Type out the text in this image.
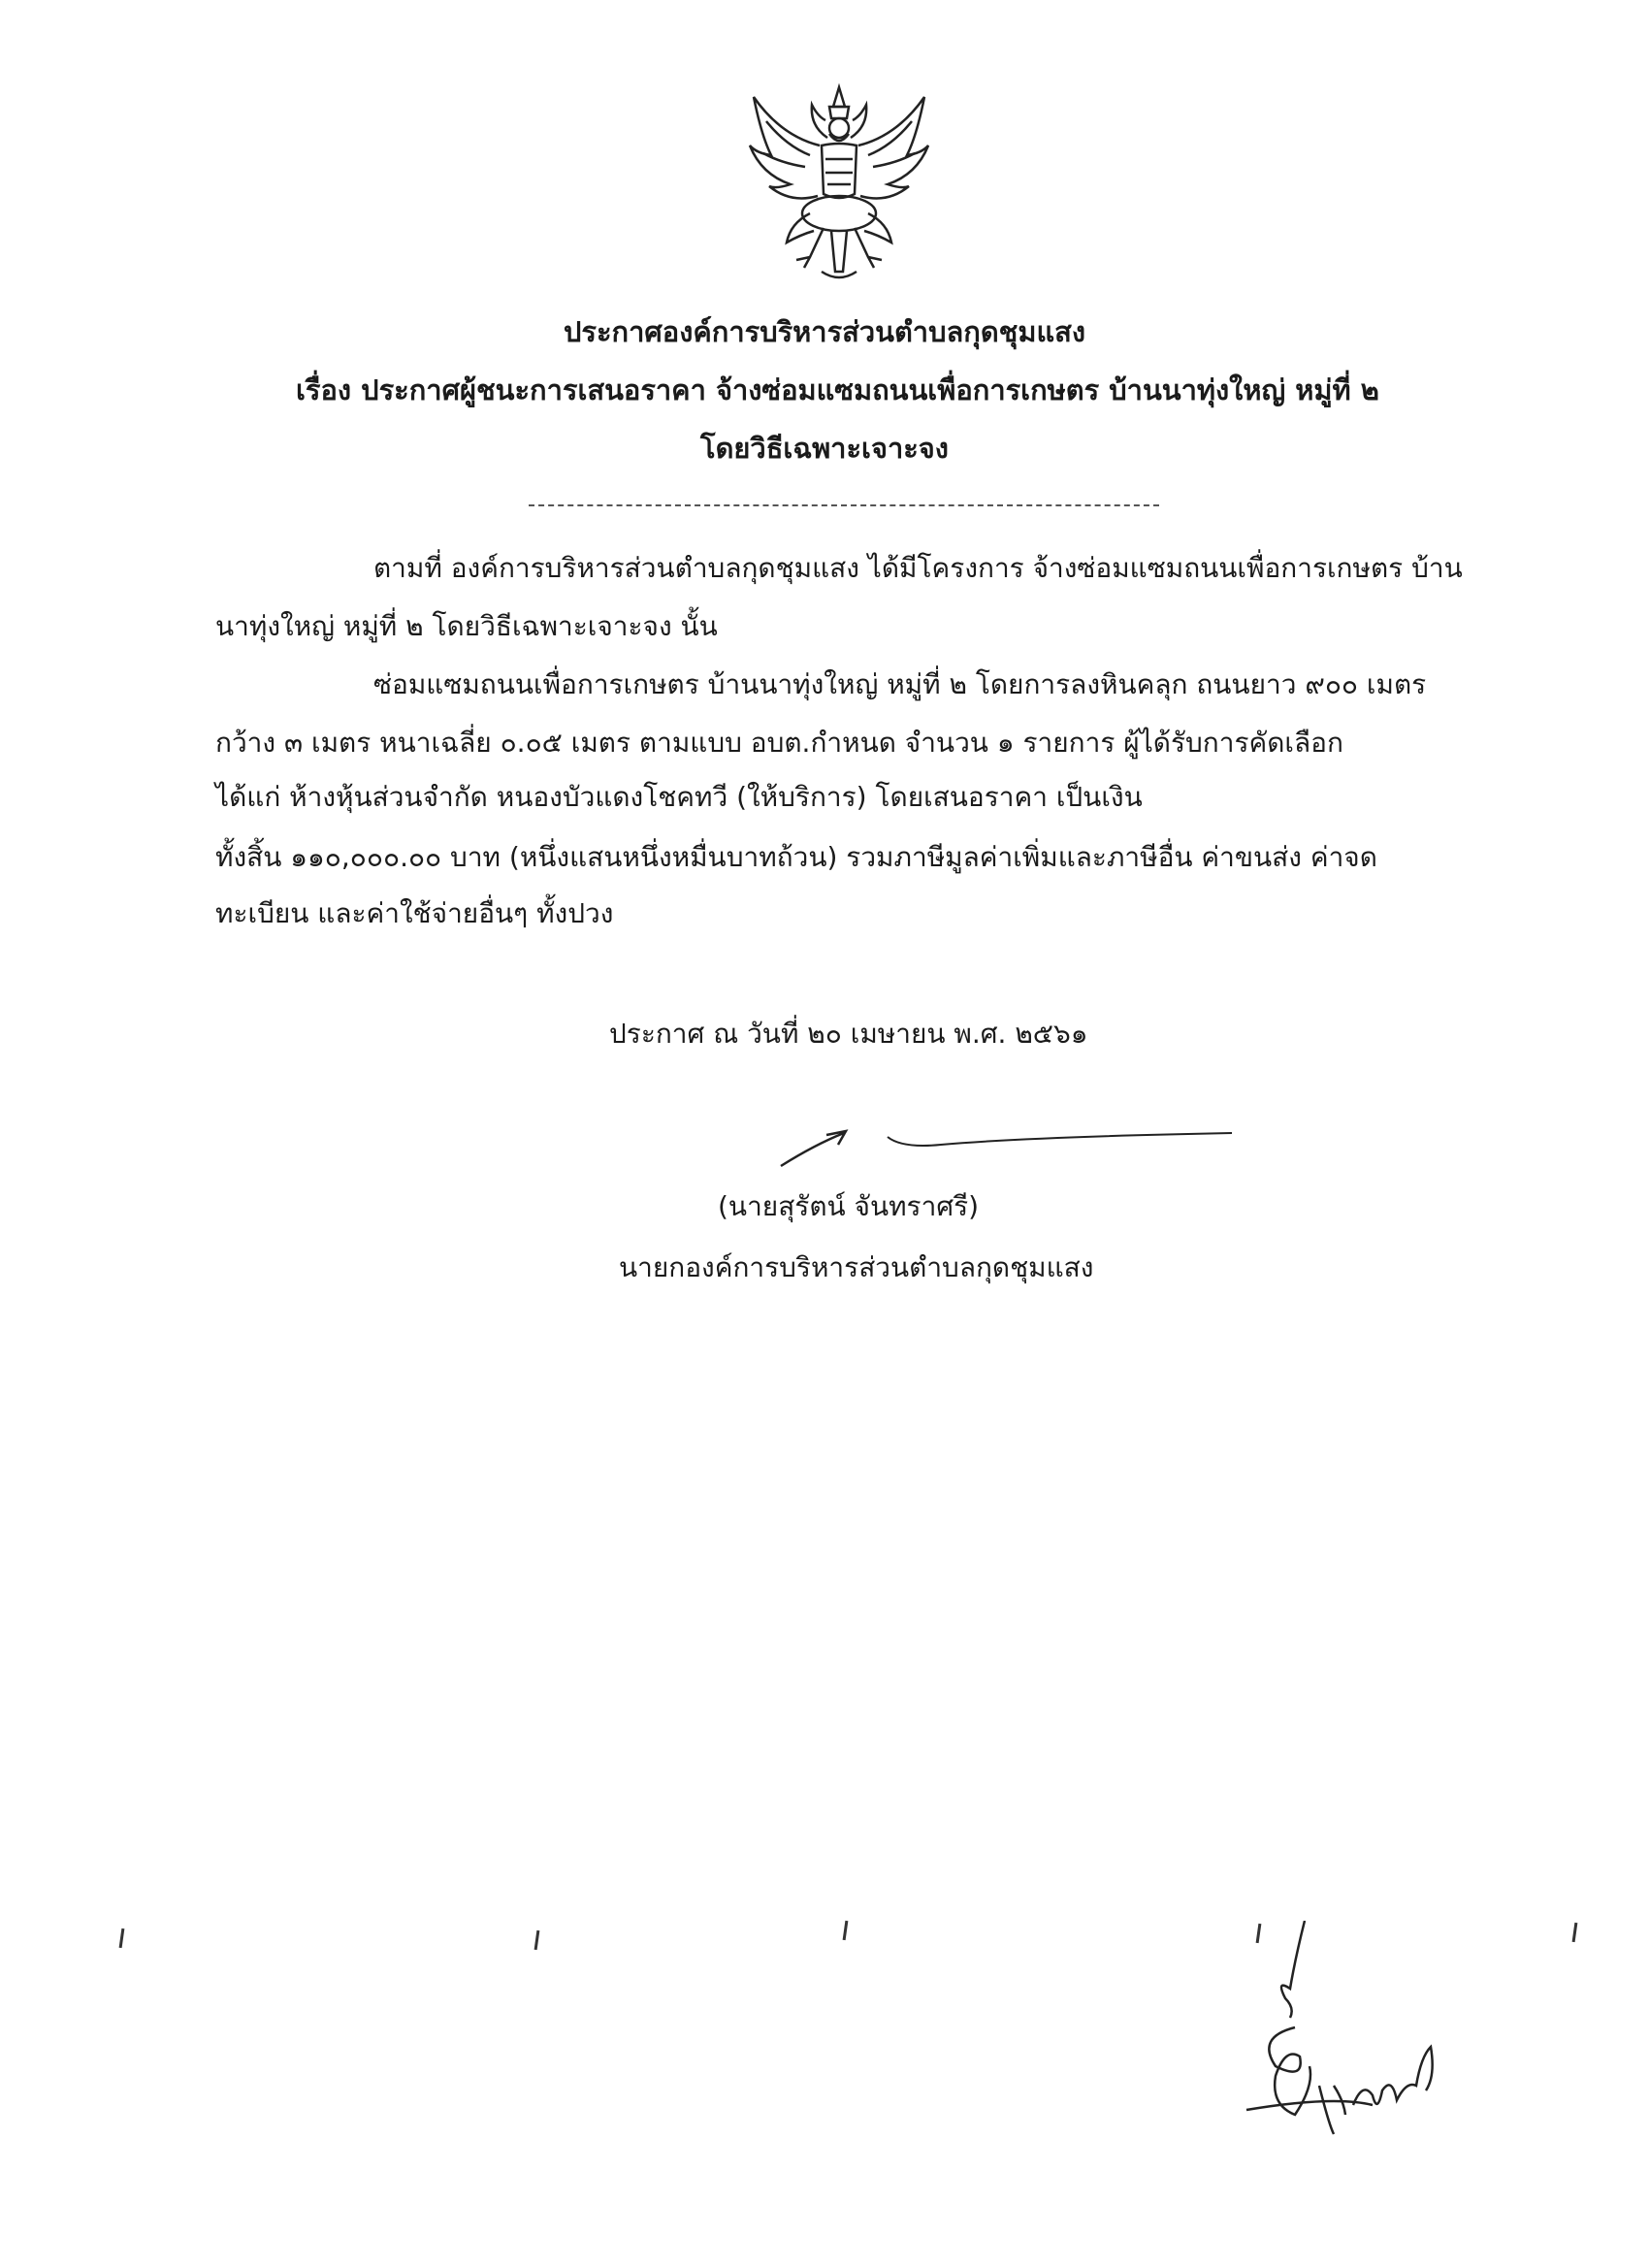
ประกาศองค์การบริหารส่วนตำบลกุดชุมแสง
เรื่อง ประกาศผู้ชนะการเสนอราคา จ้างซ่อมแซมถนนเพื่อการเกษตร บ้านนาทุ่งใหญ่ หมู่ที่ ๒
โดยวิธีเฉพาะเจาะจง
ตามที่ องค์การบริหารส่วนตำบลกุดชุมแสง ได้มีโครงการ จ้างซ่อมแซมถนนเพื่อการเกษตร บ้าน
นาทุ่งใหญ่ หมู่ที่ ๒ โดยวิธีเฉพาะเจาะจง นั้น
ซ่อมแซมถนนเพื่อการเกษตร บ้านนาทุ่งใหญ่ หมู่ที่ ๒ โดยการลงหินคลุก ถนนยาว ๙๐๐ เมตร
กว้าง ๓ เมตร หนาเฉลี่ย ๐.๐๕ เมตร ตามแบบ อบต.กำหนด จำนวน ๑ รายการ ผู้ได้รับการคัดเลือก
ได้แก่ ห้างหุ้นส่วนจำกัด หนองบัวแดงโชคทวี (ให้บริการ) โดยเสนอราคา เป็นเงิน
ทั้งสิ้น ๑๑๐,๐๐๐.๐๐ บาท (หนึ่งแสนหนึ่งหมื่นบาทถ้วน) รวมภาษีมูลค่าเพิ่มและภาษีอื่น ค่าขนส่ง ค่าจด
ทะเบียน และค่าใช้จ่ายอื่นๆ ทั้งปวง
ประกาศ ณ วันที่ ๒๐ เมษายน พ.ศ. ๒๕๖๑
(นายสุรัตน์ จันทราศรี)
นายกองค์การบริหารส่วนตำบลกุดชุมแสง
